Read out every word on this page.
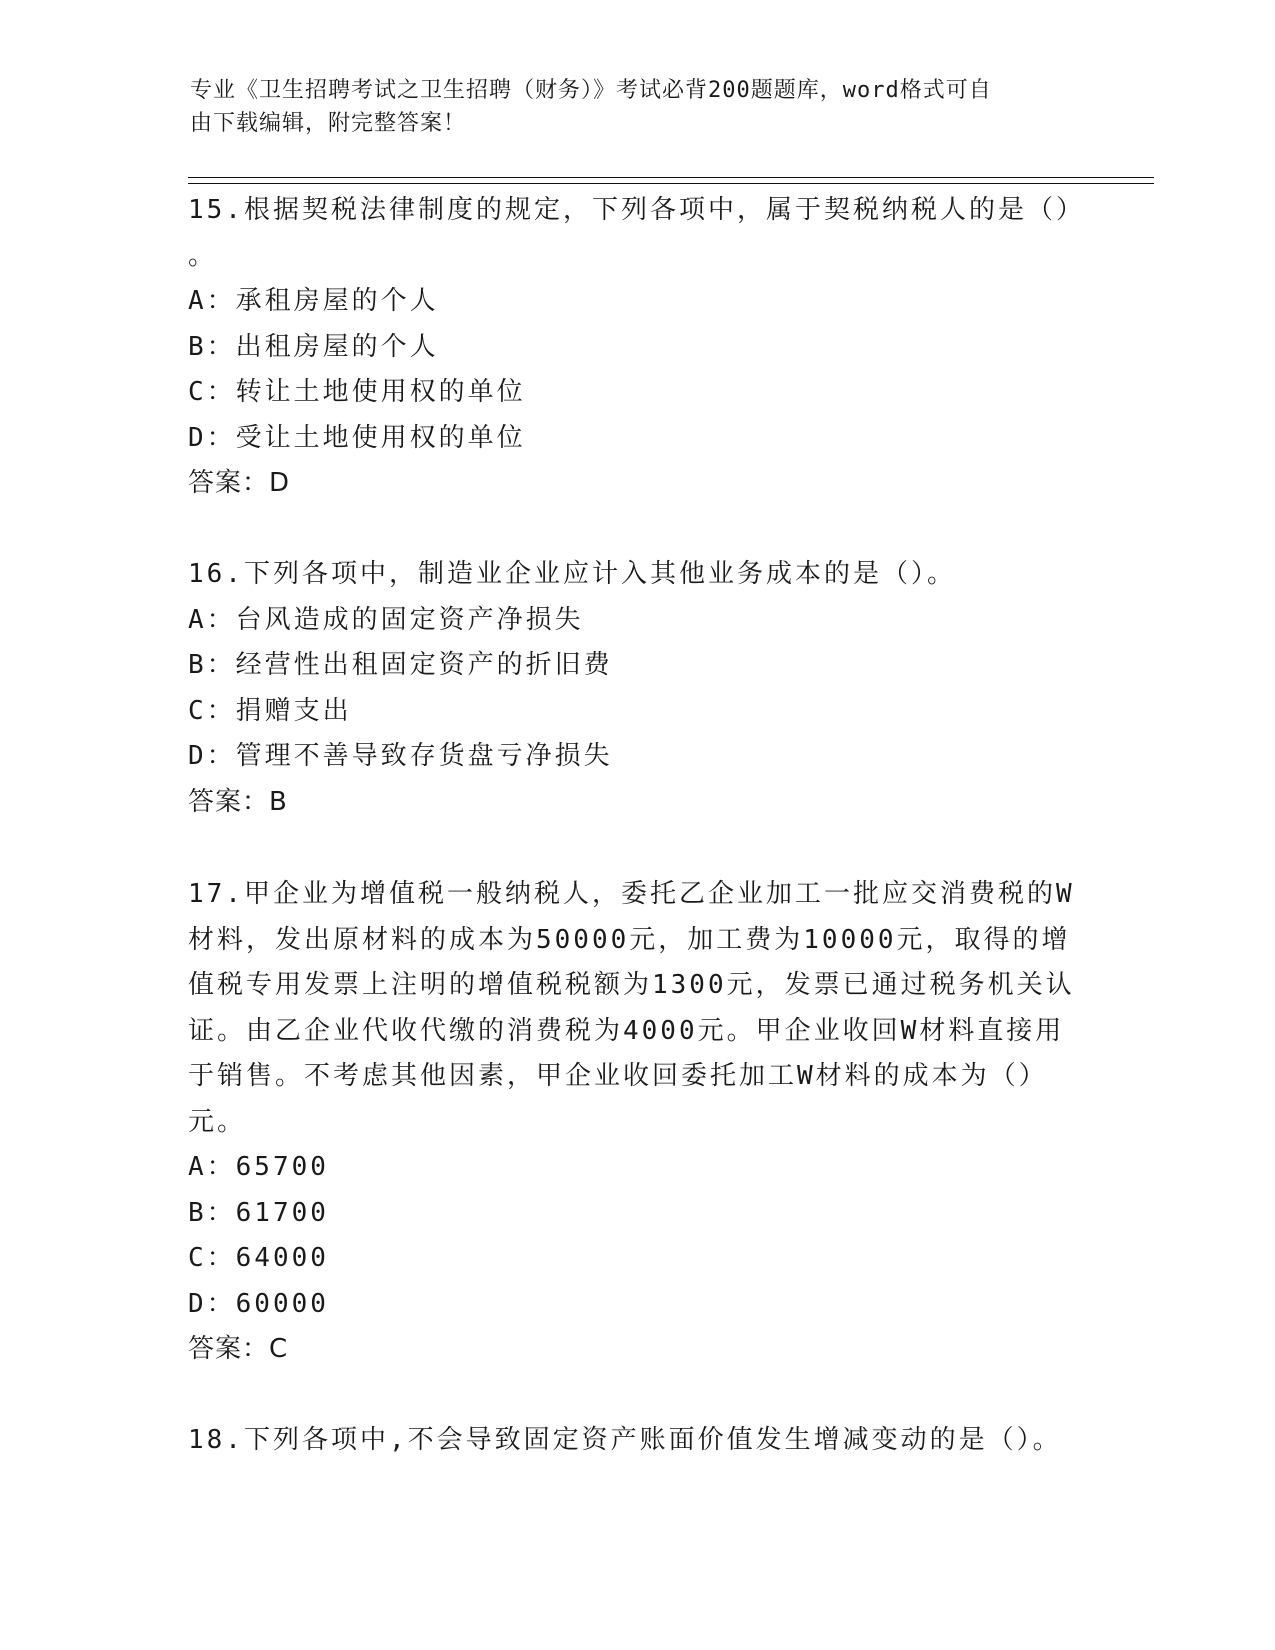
专业《卫生招聘考试之卫生招聘（财务）》考试必背200题题库，word格式可自
由下载编辑，附完整答案！

15.根据契税法律制度的规定，下列各项中，属于契税纳税人的是（）

。

A：承租房屋的个人

B：出租房屋的个人

C：转让土地使用权的单位

D：受让土地使用权的单位

答案：D

16.下列各项中，制造业企业应计入其他业务成本的是（）。

A：台风造成的固定资产净损失

B：经营性出租固定资产的折旧费

C：捐赠支出

D：管理不善导致存货盘亏净损失

答案：B

17.甲企业为增值税一般纳税人，委托乙企业加工一批应交消费税的W

材料，发出原材料的成本为50000元，加工费为10000元，取得的增

值税专用发票上注明的增值税税额为1300元，发票已通过税务机关认

证。由乙企业代收代缴的消费税为4000元。甲企业收回W材料直接用

于销售。不考虑其他因素，甲企业收回委托加工W材料的成本为（）

元。

A：65700

B：61700

C：64000

D：60000

答案：C

18.下列各项中,不会导致固定资产账面价值发生增减变动的是（）。
